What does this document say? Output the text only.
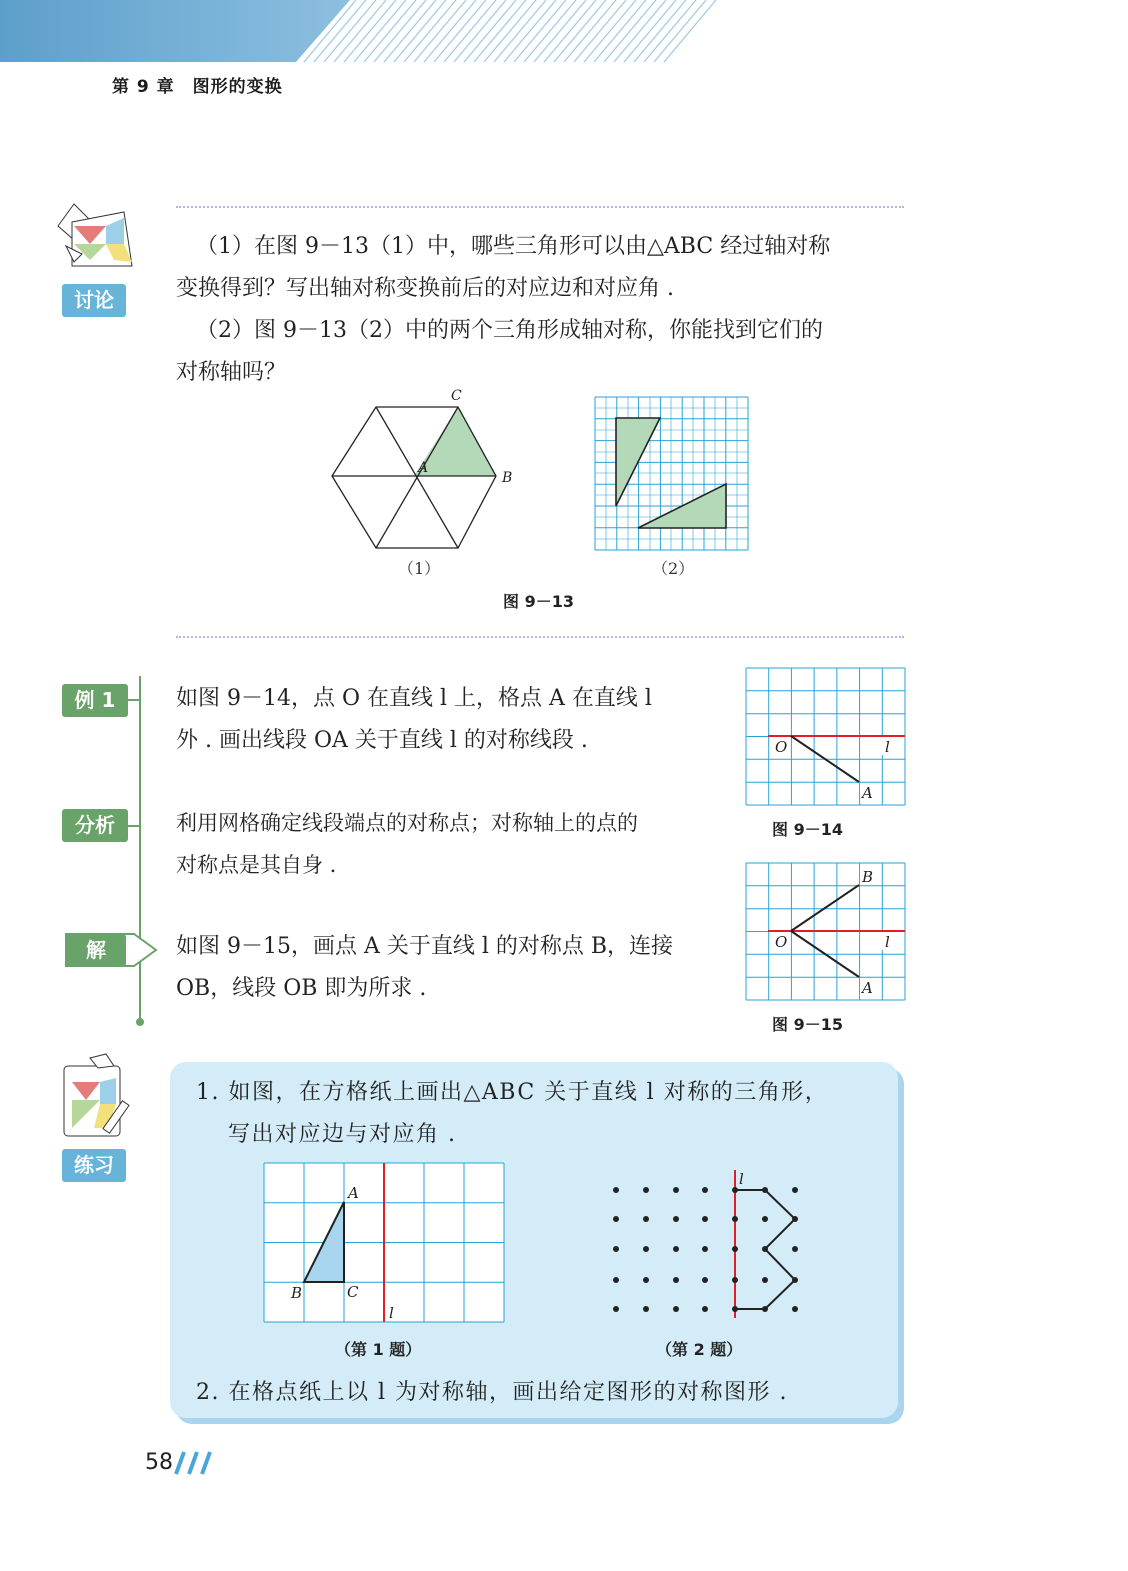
第 9 章　图形的变换
讨论
（1）在图 9－13（1）中，哪些三角形可以由△ABC 经过轴对称
变换得到？写出轴对称变换前后的对应边和对应角 .
（2）图 9－13（2）中的两个三角形成轴对称，你能找到它们的
对称轴吗？
C
A
B
（1）	（2）
图 9－13
例 1
分析
解
如图 9－14，点 O 在直线 l 上，格点 A 在直线 l
外 . 画出线段 OA 关于直线 l 的对称线段 .
利用网格确定线段端点的对称点；对称轴上的点的
对称点是其自身 .
如图 9－15，画点 A 关于直线 l 的对称点 B，连接
OB，线段 OB 即为所求 .
O	l
A
图 9－14
O	l
A
B
图 9－15
练习
1. 如图，在方格纸上画出△ABC 关于直线 l 对称的三角形，
写出对应边与对应角 .
A
B	C
l
（第 1 题）
l
（第 2 题）
2. 在格点纸上以 l 为对称轴，画出给定图形的对称图形 .
58
